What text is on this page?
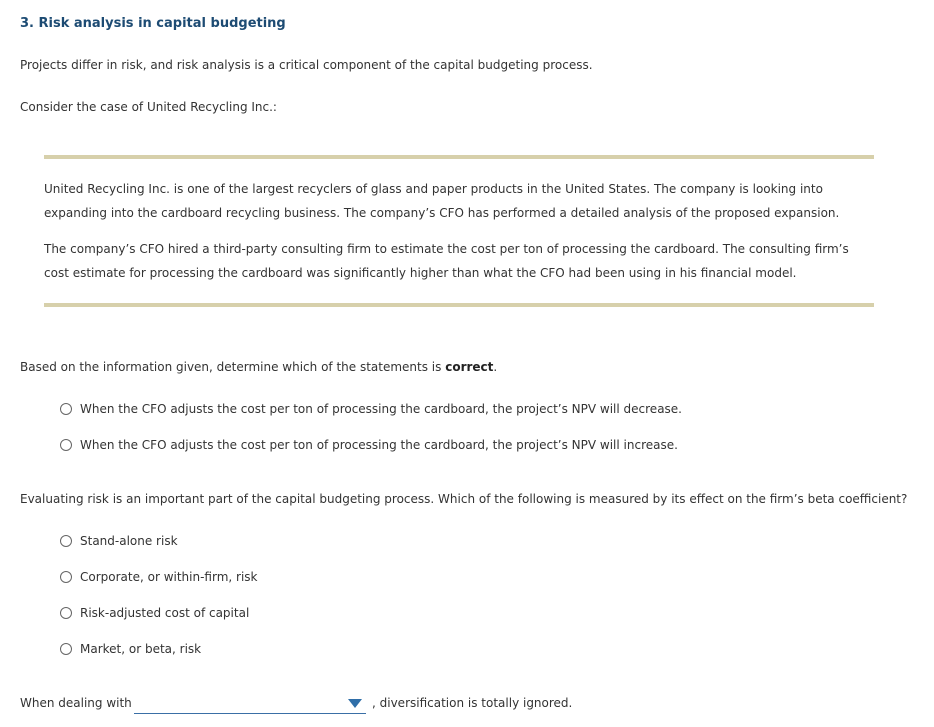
3. Risk analysis in capital budgeting
Projects differ in risk, and risk analysis is a critical component of the capital budgeting process.
Consider the case of United Recycling Inc.:
United Recycling Inc. is one of the largest recyclers of glass and paper products in the United States. The company is looking into
expanding into the cardboard recycling business. The company’s CFO has performed a detailed analysis of the proposed expansion.
The company’s CFO hired a third-party consulting firm to estimate the cost per ton of processing the cardboard. The consulting firm’s
cost estimate for processing the cardboard was significantly higher than what the CFO had been using in his financial model.
Based on the information given, determine which of the statements is correct.
When the CFO adjusts the cost per ton of processing the cardboard, the project’s NPV will decrease.
When the CFO adjusts the cost per ton of processing the cardboard, the project’s NPV will increase.
Evaluating risk is an important part of the capital budgeting process. Which of the following is measured by its effect on the firm’s beta coefficient?
Stand-alone risk
Corporate, or within-firm, risk
Risk-adjusted cost of capital
Market, or beta, risk
When dealing with	, diversification is totally ignored.
